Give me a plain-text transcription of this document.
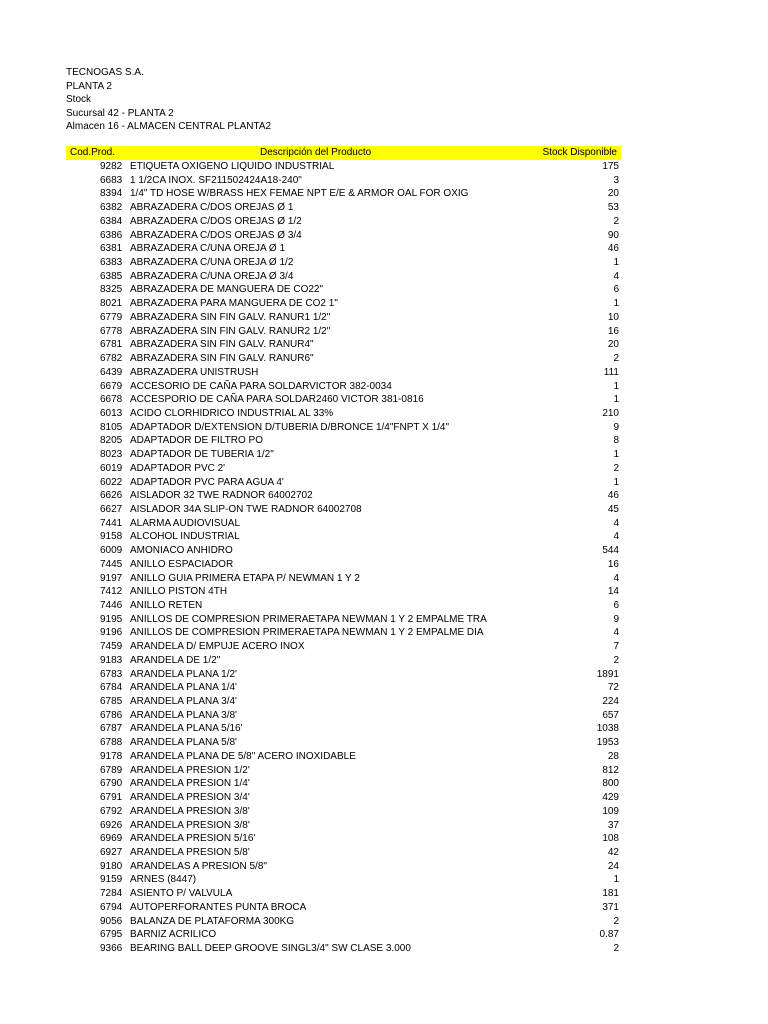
TECNOGAS S.A.
PLANTA 2
Stock
Sucursal 42 - PLANTA 2
Almacen 16 - ALMACEN CENTRAL PLANTA2
Cod.Prod.	Descripción del Producto	Stock Disponible
9282 ETIQUETA OXIGENO LIQUIDO INDUSTRIAL	175
6683 1 1/2CA INOX. SF211502424A18-240"	3
8394 1/4" TD HOSE W/BRASS HEX FEMAE NPT E/E & ARMOR OAL FOR OXIG	20
6382 ABRAZADERA C/DOS OREJAS Ø 1	53
6384 ABRAZADERA C/DOS OREJAS Ø 1/2	2
6386 ABRAZADERA C/DOS OREJAS Ø 3/4	90
6381 ABRAZADERA C/UNA OREJA Ø 1	46
6383 ABRAZADERA C/UNA OREJA Ø 1/2	1
6385 ABRAZADERA C/UNA OREJA Ø 3/4	4
8325 ABRAZADERA DE MANGUERA DE CO22"	6
8021 ABRAZADERA PARA MANGUERA DE CO2 1"	1
6779 ABRAZADERA SIN FIN GALV. RANUR1 1/2"	10
6778 ABRAZADERA SIN FIN GALV. RANUR2 1/2"	16
6781 ABRAZADERA SIN FIN GALV. RANUR4"	20
6782 ABRAZADERA SIN FIN GALV. RANUR6"	2
6439 ABRAZADERA UNISTRUSH	111
6679 ACCESORIO DE CAÑA PARA SOLDARVICTOR 382-0034	1
6678 ACCESPORIO DE CAÑA PARA SOLDAR2460 VICTOR 381-0816	1
6013 ACIDO CLORHIDRICO INDUSTRIAL AL 33%	210
8105 ADAPTADOR D/EXTENSION D/TUBERIA D/BRONCE 1/4"FNPT X 1/4"	9
8205 ADAPTADOR DE FILTRO PO	8
8023 ADAPTADOR DE TUBERIA 1/2"	1
6019 ADAPTADOR PVC 2'	2
6022 ADAPTADOR PVC PARA AGUA 4'	1
6626 AISLADOR 32 TWE RADNOR 64002702	46
6627 AISLADOR 34A SLIP-ON TWE RADNOR 64002708	45
7441 ALARMA AUDIOVISUAL	4
9158 ALCOHOL INDUSTRIAL	4
6009 AMONIACO ANHIDRO	544
7445 ANILLO ESPACIADOR	16
9197 ANILLO GUIA PRIMERA ETAPA P/ NEWMAN 1 Y 2	4
7412 ANILLO PISTON 4TH	14
7446 ANILLO RETEN	6
9195 ANILLOS DE COMPRESION PRIMERAETAPA NEWMAN 1 Y 2 EMPALME TRA	9
9196 ANILLOS DE COMPRESION PRIMERAETAPA NEWMAN 1 Y 2 EMPALME DIA	4
7459 ARANDELA D/ EMPUJE ACERO INOX	7
9183 ARANDELA DE 1/2"	2
6783 ARANDELA PLANA 1/2'	1891
6784 ARANDELA PLANA 1/4'	72
6785 ARANDELA PLANA 3/4'	224
6786 ARANDELA PLANA 3/8'	657
6787 ARANDELA PLANA 5/16'	1038
6788 ARANDELA PLANA 5/8'	1953
9178 ARANDELA PLANA DE 5/8" ACERO INOXIDABLE	28
6789 ARANDELA PRESION 1/2'	812
6790 ARANDELA PRESION 1/4'	800
6791 ARANDELA PRESION 3/4'	429
6792 ARANDELA PRESION 3/8'	109
6926 ARANDELA PRESION 3/8'	37
6969 ARANDELA PRESION 5/16'	108
6927 ARANDELA PRESION 5/8'	42
9180 ARANDELAS A PRESION 5/8"	24
9159 ARNES (8447)	1
7284 ASIENTO P/ VALVULA	181
6794 AUTOPERFORANTES PUNTA BROCA	371
9056 BALANZA DE PLATAFORMA 300KG	2
6795 BARNIZ ACRILICO	0.87
9366 BEARING BALL DEEP GROOVE SINGL3/4" SW CLASE 3.000	2
